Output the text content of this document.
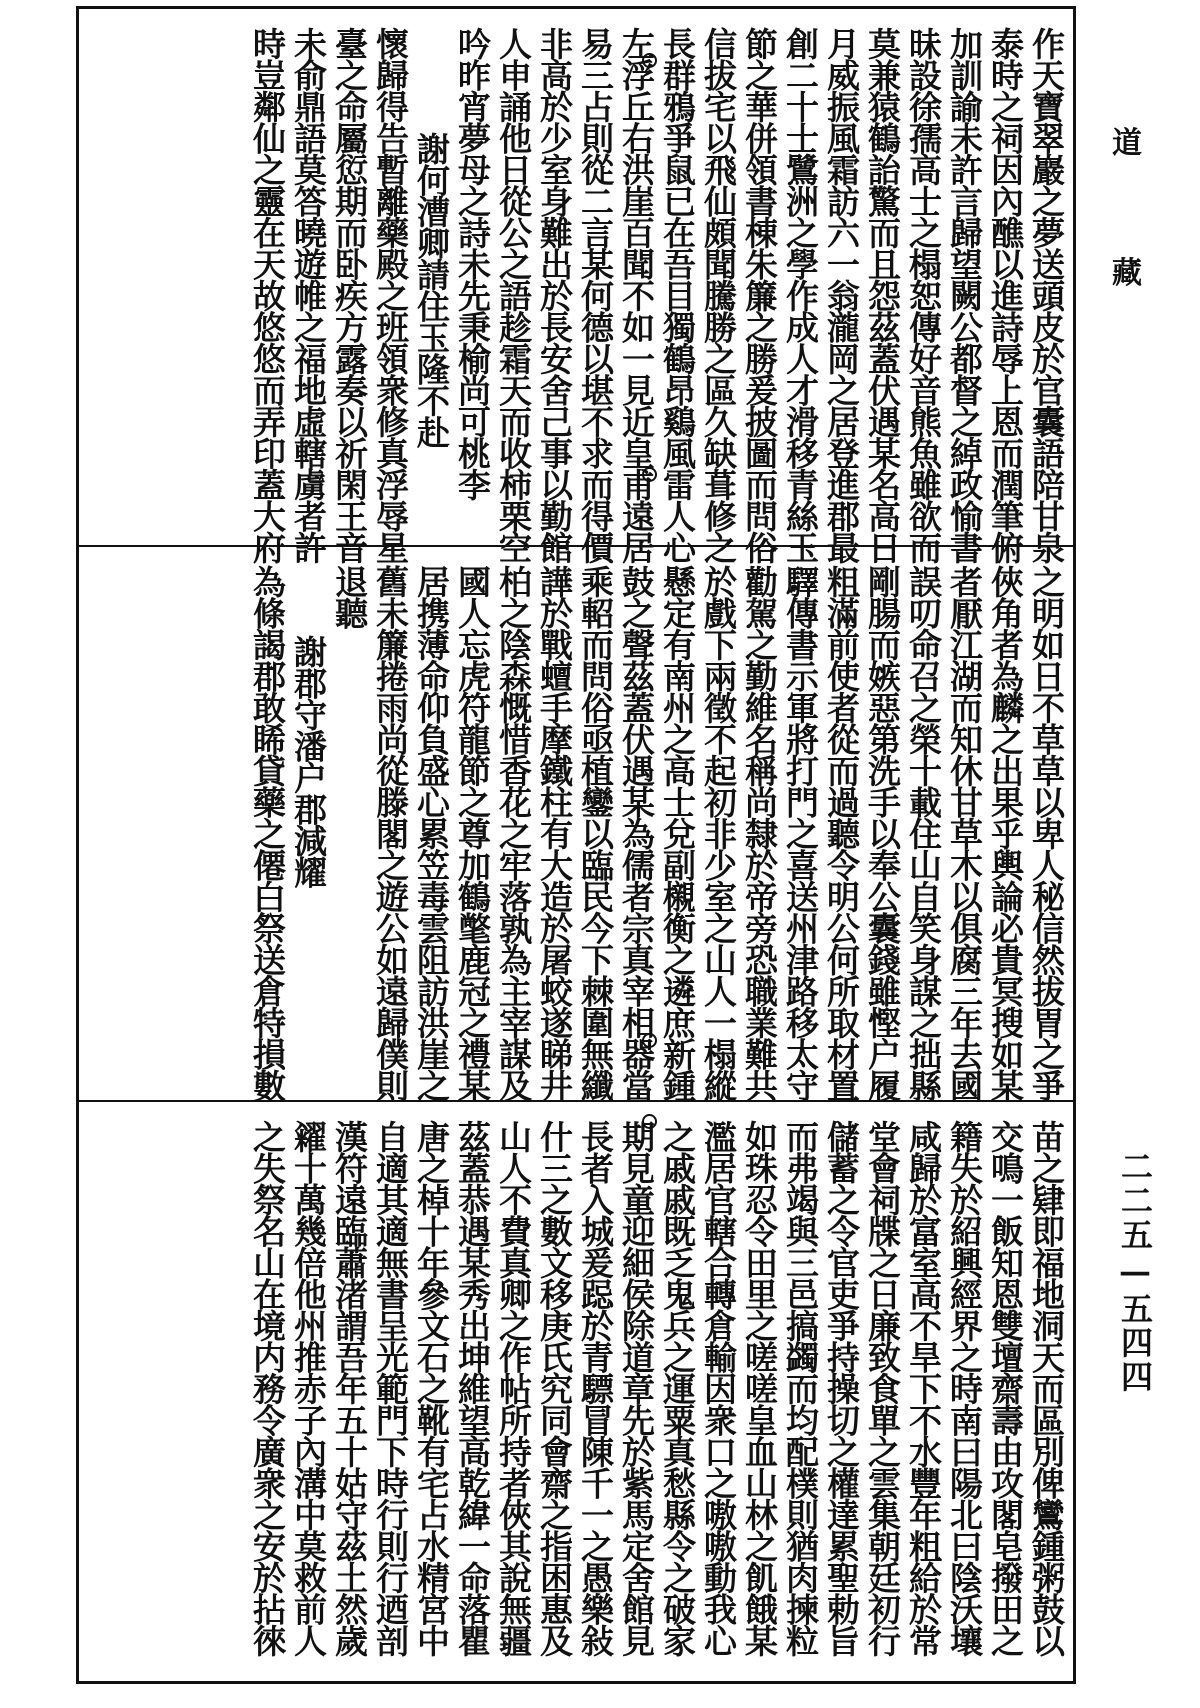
道
藏
二二五—五四四
作天寶翠巖之夢送頭皮於官囊語陪甘泉
泰時之祠因內醮以進詩辱上恩而潤筆俯
加訓諭未許言歸望闕公都督之綽政愉書
昧設徐孺高士之榻恕傳好音熊魚雖欲而
莫兼猿鶴詒驚而且怨茲蓋伏遇某名高日
月威振風霜訪六一翁瀧岡之居登進郡最
創二十士鷺洲之學作成人才滑移青絲玉
節之華併領書棟朱簾之勝爰披圖而問俗
信拔宅以飛仙頗聞騰勝之區久缺葺修之
長群鴉爭鼠已在吾目獨鶴昂鷄風雷人心
左浮丘右洪崖百聞不如一見近皇甫遠居
易三占則從二言某何德以堪不求而得價
非高於少室身難出於長安舍己事以勤館
人申誦他日從公之語趁霜天而收柿栗空
吟昨宵夢母之詩未先秉榆尚可桃李
謝何漕卿請住玉隆不赴
懷歸得告暫離藥殿之班領衆修真浮辱星
臺之命屬愆期而卧疾方露奏以祈閑王音
未俞鼎語莫答曉遊帷之福地虛轄虜者許
時豈鄰仙之靈在天故悠悠而弄印蓋大府
之明如日不草草以卑人秘信然拔胃之爭
俠角者為麟之出果乎輿論必貴冥搜如某
者厭江湖而知休甘草木以俱腐三年去國
誤叨命召之榮十載住山自笑身謀之拙縣
剛腸而嫉惡第洗手以奉公囊錢雖慳户履
粗滿前使者從而過聽令明公何所取材置
驛傳書示軍將打門之喜送州津路移太守
勸駕之勤維名稱尚隸於帝旁恐職業難共
於戲下兩徵不起初非少室之山人一榻縱
懸定有南州之高士兌副櫬衡之遴庶新鍾
鼓之聲茲蓋伏遇某為儒者宗真宰相器當
乘軺而問俗亟植鑾以臨民今下棘圍無纖
譁於戰蟺手摩鐵柱有大造於屠蛟遂睇井
柏之陰森慨惜香花之牢落孰為主宰謀及
國人忘虎符龍節之尊加鶴氅鹿冠之禮某
居携薄命仰負盛心累笠毒雲阻訪洪崖之
舊未簾捲雨尚從滕閣之遊公如遠歸僕則
退聽
謝郡守潘户郡減耀
為條謁郡敢睎貸藥之僊白祭送倉特損數
苗之肄即福地洞天而區別俾鸞鍾粥鼓以
交鳴一飯知恩雙壇齋壽由攻閣皂撥田之
籍失於紹興經界之時南曰陽北曰陰沃壤
咸歸於富室高不旱下不水豐年粗給於常
堂會祠牒之日廉致食單之雲集朝廷初行
儲蓄之令官吏爭持操切之權達累聖勅旨
而弗竭與三邑搞蠲而均配樸則猶肉揀粒
如珠忍令田里之嗟嗟皇血山林之飢餓某
濫居官轄合轉倉輸因衆口之嗷嗷動我心
之戚戚既乏鬼兵之運粟真愁縣令之破家
期見童迎細侯除道章先於紫馬定舍館見
長者入城爰跽於青驃冒陳千一之愚樂敍
什三之數文移庚氏究同會齋之指困惠及
山人不費真卿之作帖所持者俠其說無疆
茲蓋恭遇某秀出坤維望高乾緯一命落瞿
唐之棹十年參文石之靴有宅占水精宮中
自適其適無書呈光範門下時行則行迺剖
漢符遠臨蕭渚謂吾年五十姑守茲土然歲
糴十萬幾倍他州推赤子內溝中莫救前人
之失祭名山在境内務令廣衆之安於拈徠
